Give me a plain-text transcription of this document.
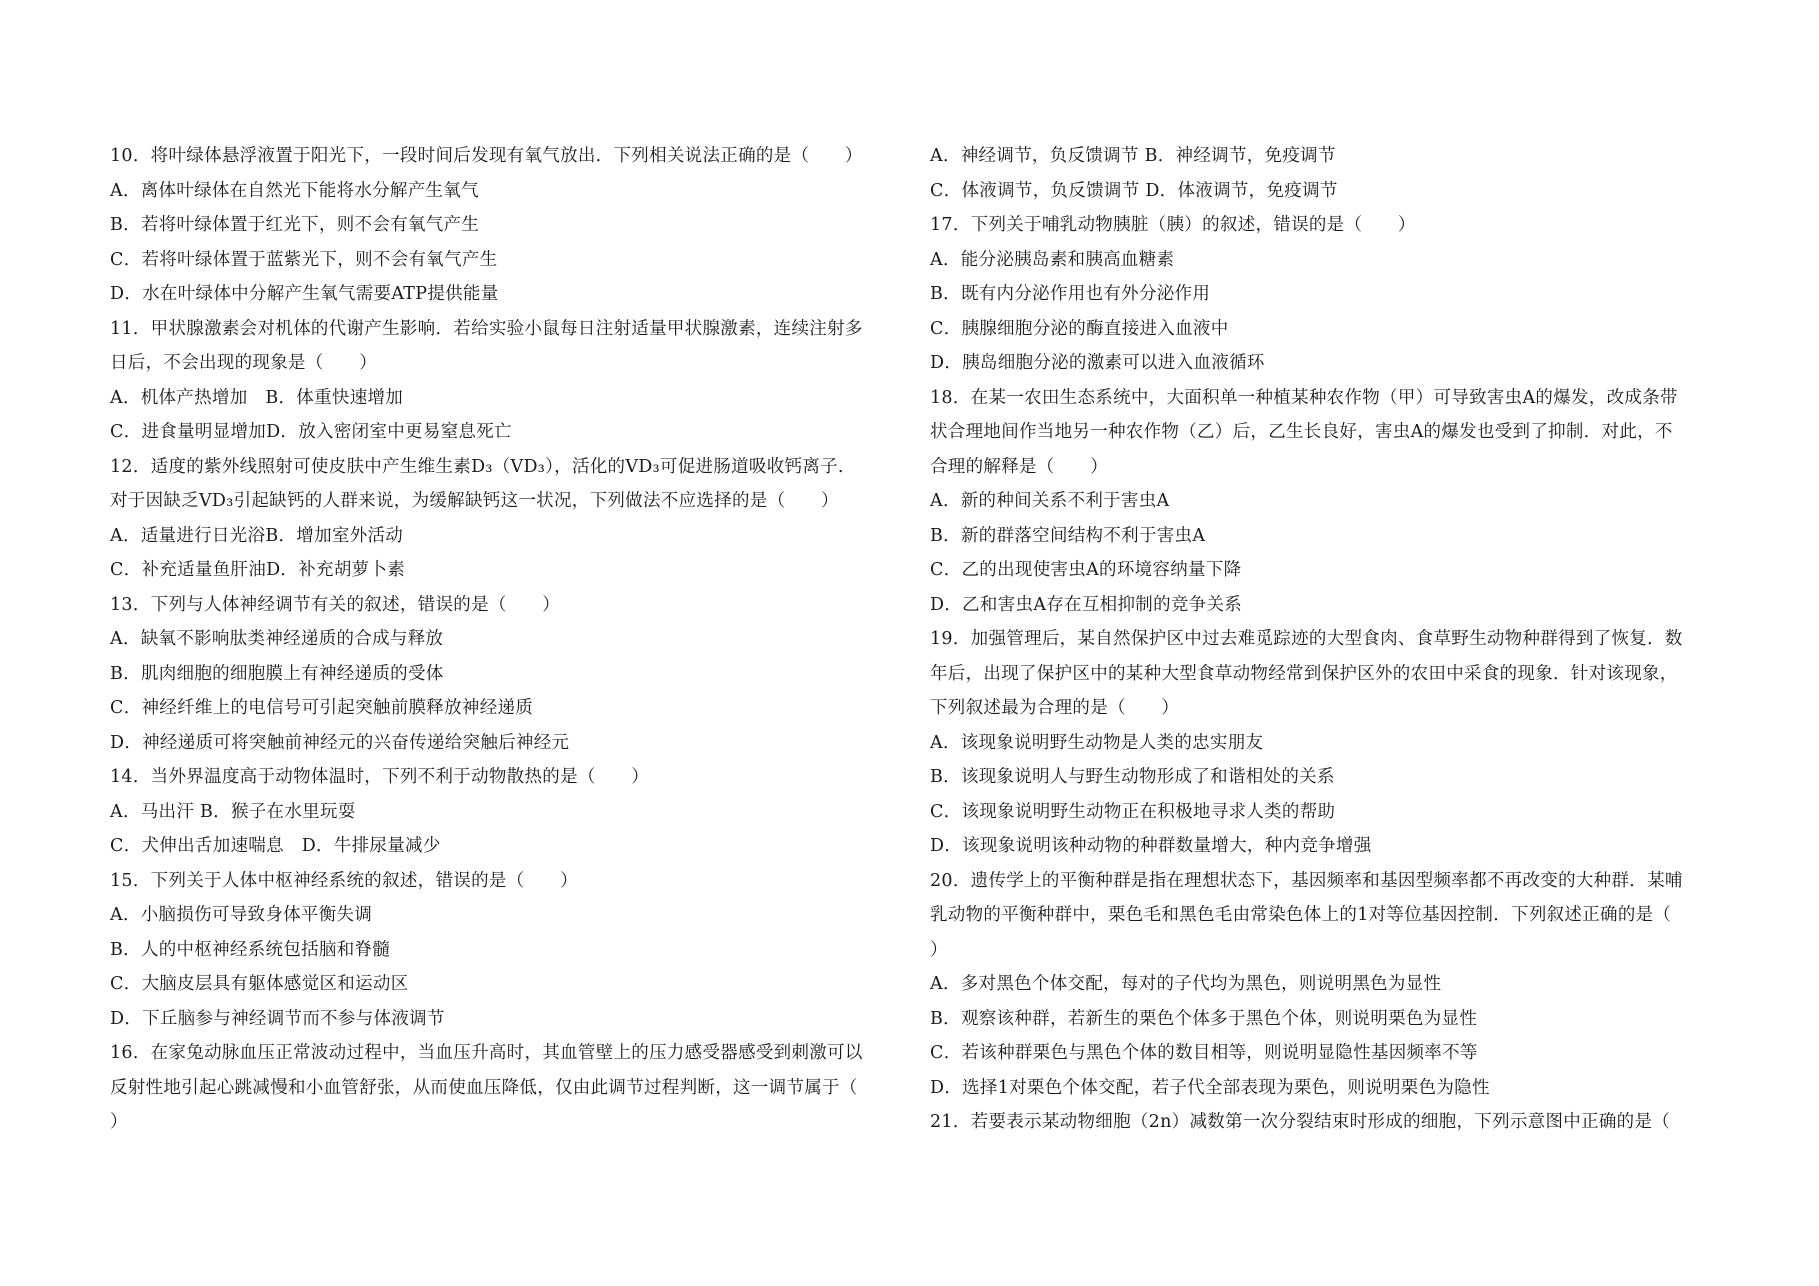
10．将叶绿体悬浮液置于阳光下，一段时间后发现有氧气放出．下列相关说法正确的是（　　）
A．离体叶绿体在自然光下能将水分解产生氧气
B．若将叶绿体置于红光下，则不会有氧气产生
C．若将叶绿体置于蓝紫光下，则不会有氧气产生
D．水在叶绿体中分解产生氧气需要ATP提供能量
11．甲状腺激素会对机体的代谢产生影响．若给实验小鼠每日注射适量甲状腺激素，连续注射多
日后，不会出现的现象是（　　）
A．机体产热增加　B．体重快速增加
C．进食量明显增加D．放入密闭室中更易窒息死亡
12．适度的紫外线照射可使皮肤中产生维生素D₃（VD₃），活化的VD₃可促进肠道吸收钙离子.
对于因缺乏VD₃引起缺钙的人群来说，为缓解缺钙这一状况，下列做法不应选择的是（　　）
A．适量进行日光浴B．增加室外活动
C．补充适量鱼肝油D．补充胡萝卜素
13．下列与人体神经调节有关的叙述，错误的是（　　）
A．缺氧不影响肽类神经递质的合成与释放
B．肌肉细胞的细胞膜上有神经递质的受体
C．神经纤维上的电信号可引起突触前膜释放神经递质
D．神经递质可将突触前神经元的兴奋传递给突触后神经元
14．当外界温度高于动物体温时，下列不利于动物散热的是（　　）
A．马出汗 B．猴子在水里玩耍
C．犬伸出舌加速喘息　D．牛排尿量减少
15．下列关于人体中枢神经系统的叙述，错误的是（　　）
A．小脑损伤可导致身体平衡失调
B．人的中枢神经系统包括脑和脊髓
C．大脑皮层具有躯体感觉区和运动区
D．下丘脑参与神经调节而不参与体液调节
16．在家兔动脉血压正常波动过程中，当血压升高时，其血管壁上的压力感受器感受到刺激可以
反射性地引起心跳减慢和小血管舒张，从而使血压降低，仅由此调节过程判断，这一调节属于（
）
A．神经调节，负反馈调节 B．神经调节，免疫调节
C．体液调节，负反馈调节 D．体液调节，免疫调节
17．下列关于哺乳动物胰脏（胰）的叙述，错误的是（　　）
A．能分泌胰岛素和胰高血糖素
B．既有内分泌作用也有外分泌作用
C．胰腺细胞分泌的酶直接进入血液中
D．胰岛细胞分泌的激素可以进入血液循环
18．在某一农田生态系统中，大面积单一种植某种农作物（甲）可导致害虫A的爆发，改成条带
状合理地间作当地另一种农作物（乙）后，乙生长良好，害虫A的爆发也受到了抑制．对此，不
合理的解释是（　　）
A．新的种间关系不利于害虫A
B．新的群落空间结构不利于害虫A
C．乙的出现使害虫A的环境容纳量下降
D．乙和害虫A存在互相抑制的竞争关系
19．加强管理后，某自然保护区中过去难觅踪迹的大型食肉、食草野生动物种群得到了恢复．数
年后，出现了保护区中的某种大型食草动物经常到保护区外的农田中采食的现象．针对该现象，
下列叙述最为合理的是（　　）
A．该现象说明野生动物是人类的忠实朋友
B．该现象说明人与野生动物形成了和谐相处的关系
C．该现象说明野生动物正在积极地寻求人类的帮助
D．该现象说明该种动物的种群数量增大，种内竞争增强
20．遗传学上的平衡种群是指在理想状态下，基因频率和基因型频率都不再改变的大种群．某哺
乳动物的平衡种群中，栗色毛和黑色毛由常染色体上的1对等位基因控制．下列叙述正确的是（
）
A．多对黑色个体交配，每对的子代均为黑色，则说明黑色为显性
B．观察该种群，若新生的栗色个体多于黑色个体，则说明栗色为显性
C．若该种群栗色与黑色个体的数目相等，则说明显隐性基因频率不等
D．选择1对栗色个体交配，若子代全部表现为栗色，则说明栗色为隐性
21．若要表示某动物细胞（2n）减数第一次分裂结束时形成的细胞，下列示意图中正确的是（
